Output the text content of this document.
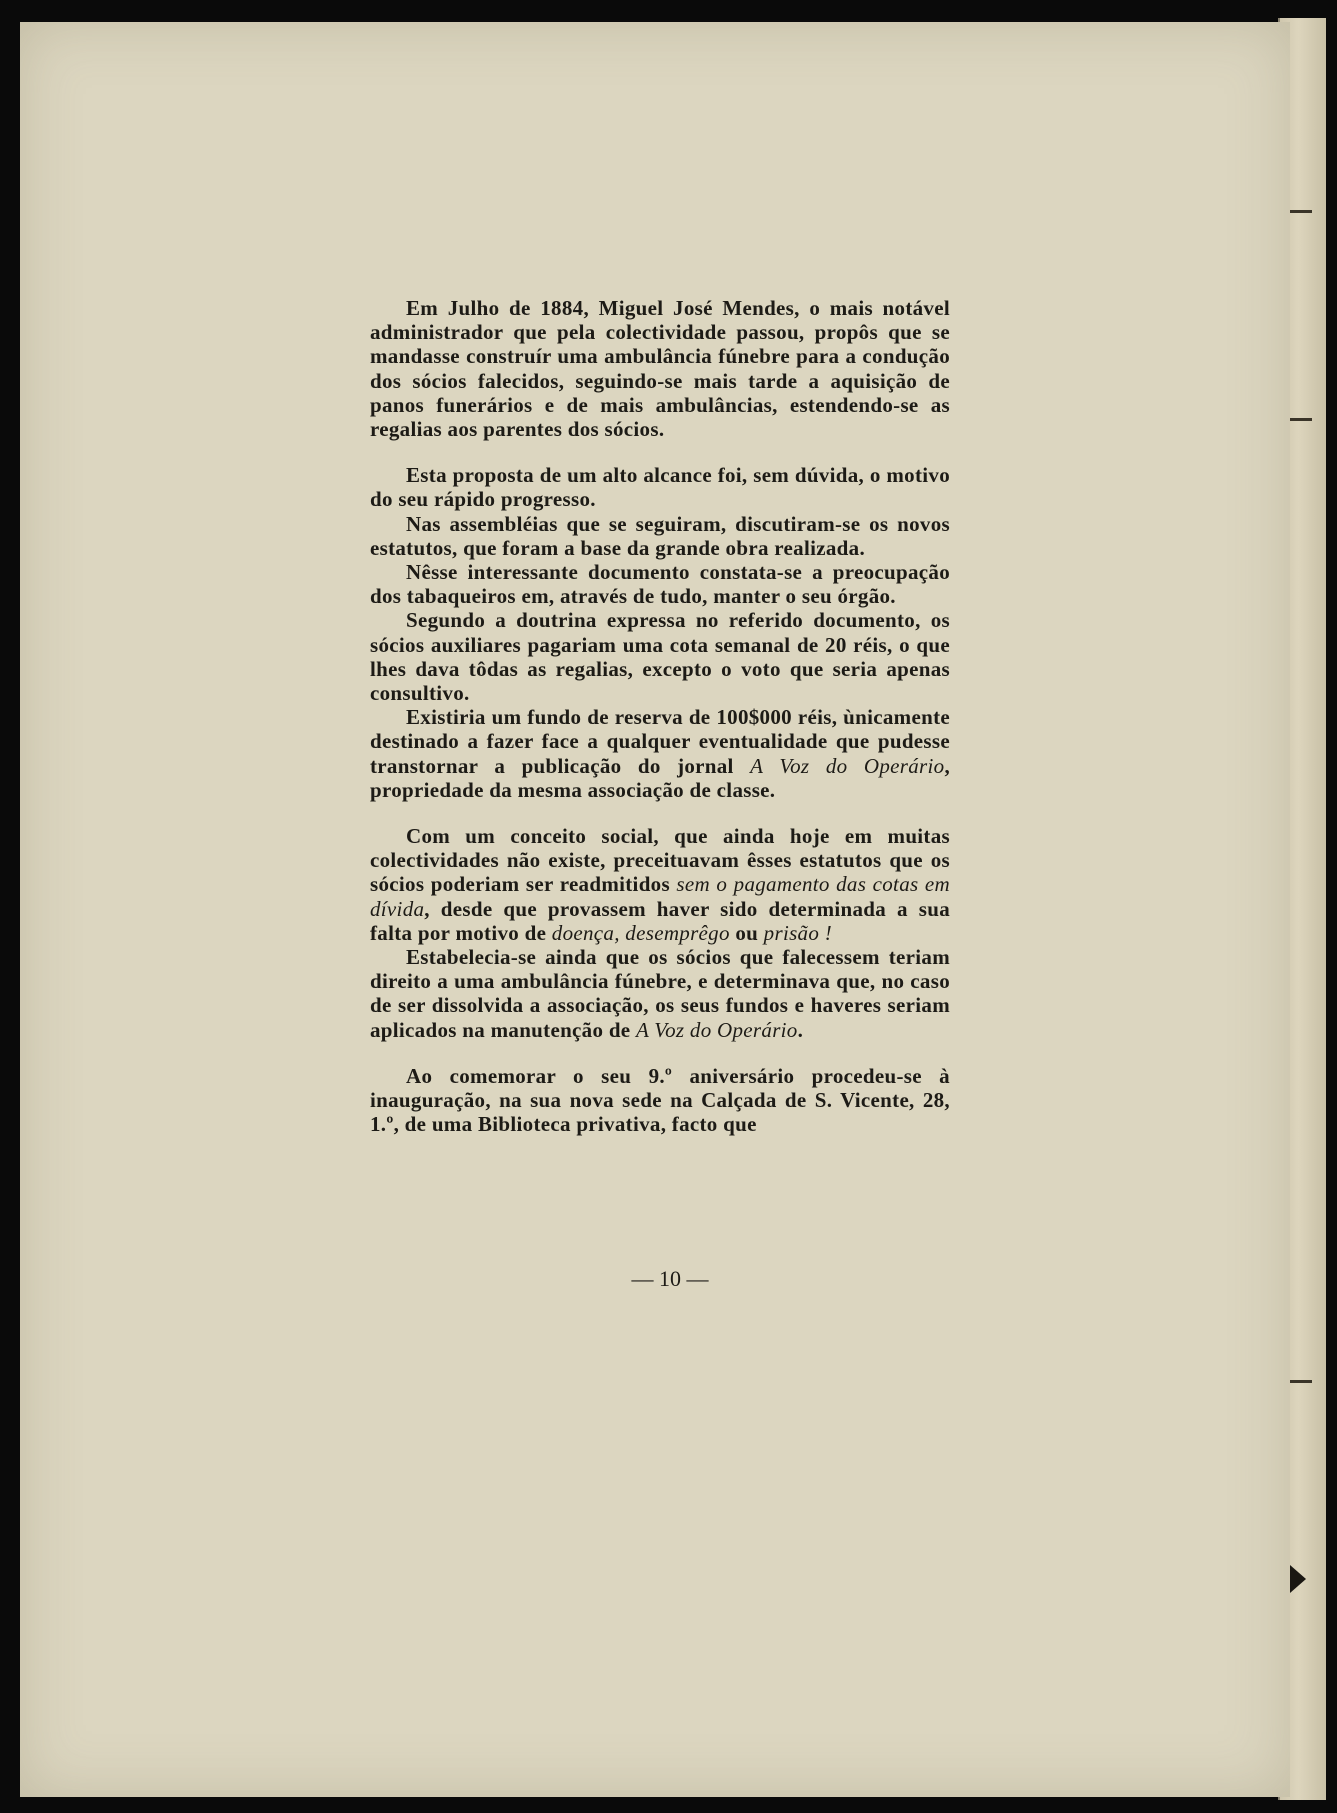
Em Julho de 1884, Miguel José Mendes, o mais notável administrador que pela colectividade passou, propôs que se mandasse construír uma ambulância fúnebre para a condução dos sócios falecidos, seguindo-se mais tarde a aquisição de panos funerários e de mais ambulâncias, estendendo-se as regalias aos parentes dos sócios.

Esta proposta de um alto alcance foi, sem dúvida, o motivo do seu rápido progresso.

Nas assembléias que se seguiram, discutiram-se os novos estatutos, que foram a base da grande obra realizada.

Nêsse interessante documento constata-se a preocupação dos tabaqueiros em, através de tudo, manter o seu órgão.

Segundo a doutrina expressa no referido documento, os sócios auxiliares pagariam uma cota semanal de 20 réis, o que lhes dava tôdas as regalias, excepto o voto que seria apenas consultivo.

Existiria um fundo de reserva de 100$000 réis, ùnicamente destinado a fazer face a qualquer eventualidade que pudesse transtornar a publicação do jornal A Voz do Operário, propriedade da mesma associação de classe.

Com um conceito social, que ainda hoje em muitas colectividades não existe, preceituavam êsses estatutos que os sócios poderiam ser readmitidos sem o pagamento das cotas em dívida, desde que provassem haver sido determinada a sua falta por motivo de doença, desemprêgo ou prisão !

Estabelecia-se ainda que os sócios que falecessem teriam direito a uma ambulância fúnebre, e determinava que, no caso de ser dissolvida a associação, os seus fundos e haveres seriam aplicados na manutenção de A Voz do Operário.

Ao comemorar o seu 9.º aniversário procedeu-se à inauguração, na sua nova sede na Calçada de S. Vicente, 28, 1.º, de uma Biblioteca privativa, facto que

— 10 —
